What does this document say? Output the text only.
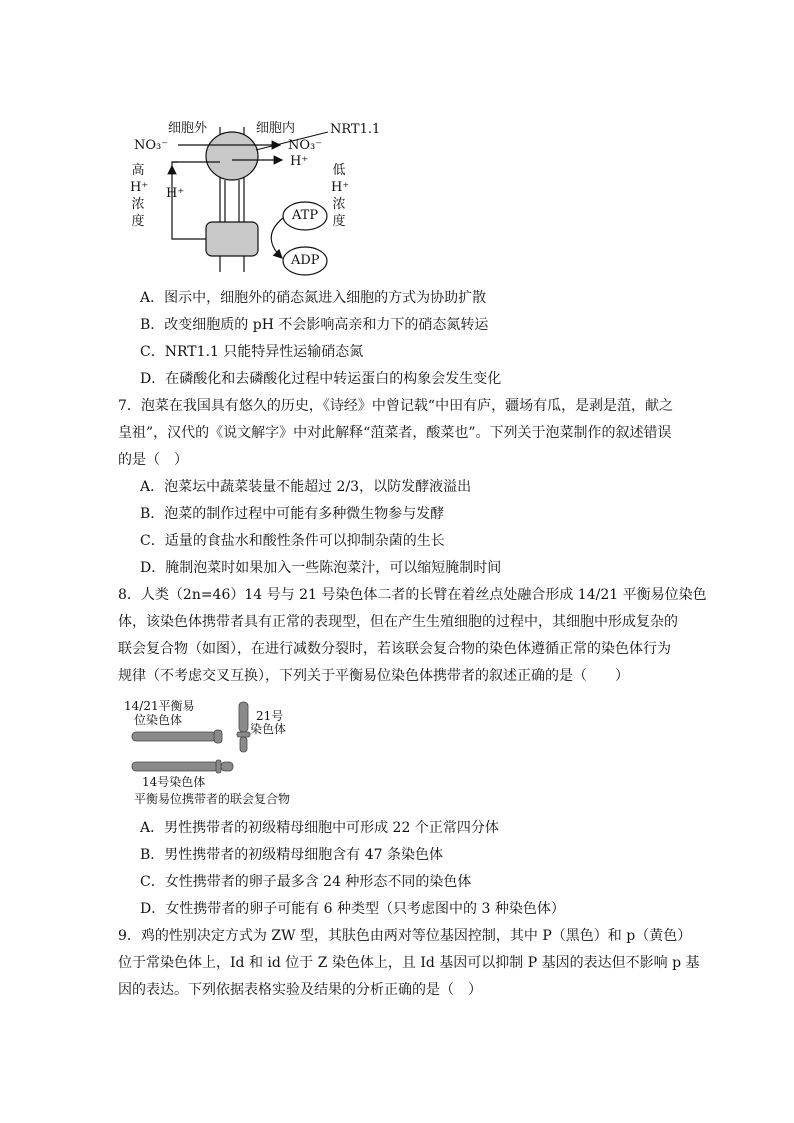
细胞外	细胞内	NRT1.1
NO₃⁻	NO₃⁻
H⁺
H⁺
高
H⁺
浓
度
低
H⁺
浓
度
ATP
ADP
A．图示中，细胞外的硝态氮进入细胞的方式为协助扩散
B．改变细胞质的 pH 不会影响高亲和力下的硝态氮转运
C．NRT1.1 只能特异性运输硝态氮
D．在磷酸化和去磷酸化过程中转运蛋白的构象会发生变化
7．泡菜在我国具有悠久的历史，《诗经》中曾记载“中田有庐，疆场有瓜，是剥是菹，献之
皇祖”，汉代的《说文解字》中对此解释“菹菜者，酸菜也”。下列关于泡菜制作的叙述错误
的是（　）
A．泡菜坛中蔬菜装量不能超过 2/3，以防发酵液溢出
B．泡菜的制作过程中可能有多种微生物参与发酵
C．适量的食盐水和酸性条件可以抑制杂菌的生长
D．腌制泡菜时如果加入一些陈泡菜汁，可以缩短腌制时间
8．人类（2n=46）14 号与 21 号染色体二者的长臂在着丝点处融合形成 14/21 平衡易位染色
体，该染色体携带者具有正常的表现型，但在产生生殖细胞的过程中，其细胞中形成复杂的
联会复合物（如图），在进行减数分裂时，若该联会复合物的染色体遵循正常的染色体行为
规律（不考虑交叉互换），下列关于平衡易位染色体携带者的叙述正确的是（　　）
14/21平衡易
位染色体	21号
染色体
14号染色体
平衡易位携带者的联会复合物
A．男性携带者的初级精母细胞中可形成 22 个正常四分体
B．男性携带者的初级精母细胞含有 47 条染色体
C．女性携带者的卵子最多含 24 种形态不同的染色体
D．女性携带者的卵子可能有 6 种类型（只考虑图中的 3 种染色体）
9．鸡的性别决定方式为 ZW 型，其肤色由两对等位基因控制，其中 P（黑色）和 p（黄色）
位于常染色体上，Id 和 id 位于 Z 染色体上，且 Id 基因可以抑制 P 基因的表达但不影响 p 基
因的表达。下列依据表格实验及结果的分析正确的是（　）
